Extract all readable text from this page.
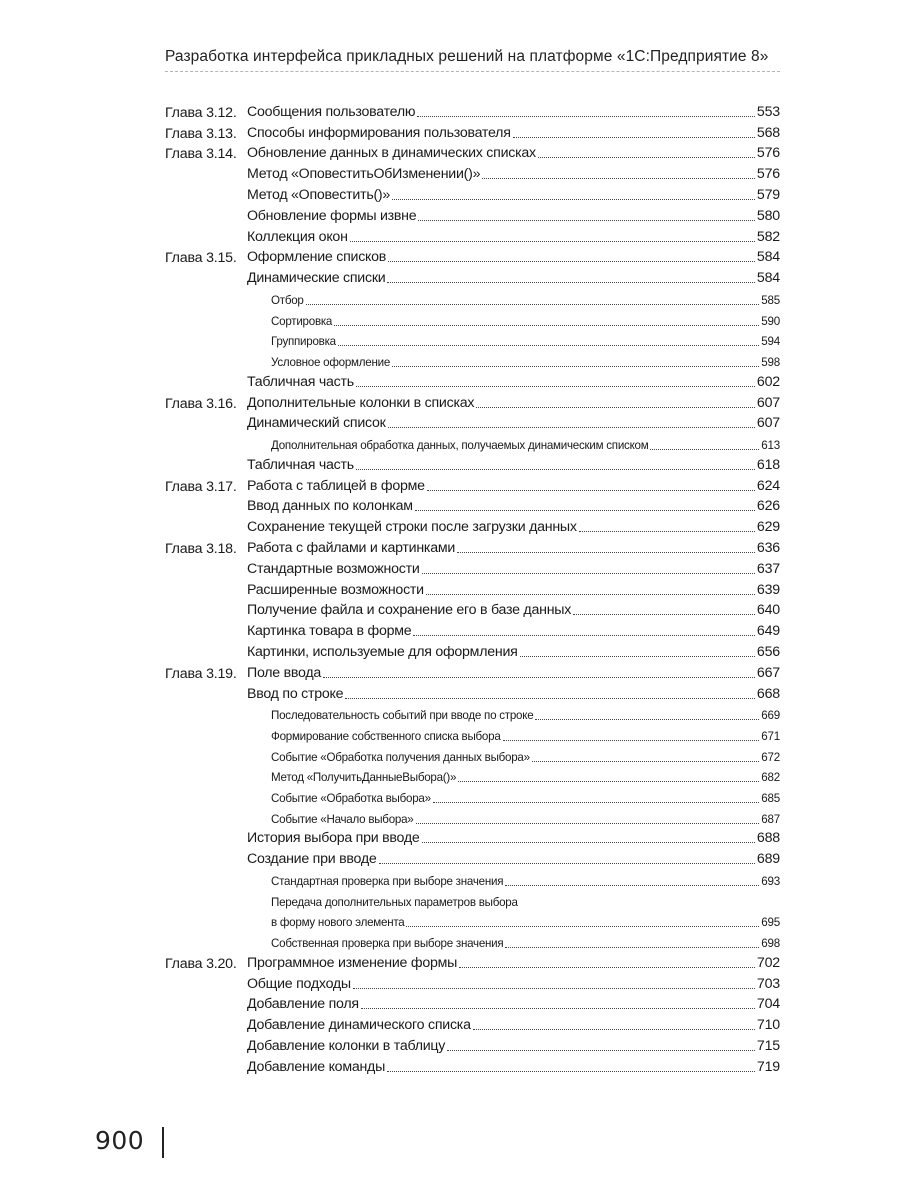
Разработка интерфейса прикладных решений на платформе «1С:Предприятие 8»
Глава 3.12. Сообщения пользователю	553
Глава 3.13. Способы информирования пользователя	568
Глава 3.14. Обновление данных в динамических списках	576
Метод «ОповеститьОбИзменении()»	576
Метод «Оповестить()»	579
Обновление формы извне	580
Коллекция окон	582
Глава 3.15. Оформление списков	584
Динамические списки	584
Отбор	585
Сортировка	590
Группировка	594
Условное оформление	598
Табличная часть	602
Глава 3.16. Дополнительные колонки в списках	607
Динамический список	607
Дополнительная обработка данных, получаемых динамическим списком	613
Табличная часть	618
Глава 3.17. Работа с таблицей в форме	624
Ввод данных по колонкам	626
Сохранение текущей строки после загрузки данных	629
Глава 3.18. Работа с файлами и картинками	636
Стандартные возможности	637
Расширенные возможности	639
Получение файла и сохранение его в базе данных	640
Картинка товара в форме	649
Картинки, используемые для оформления	656
Глава 3.19. Поле ввода	667
Ввод по строке	668
Последовательность событий при вводе по строке	669
Формирование собственного списка выбора	671
Событие «Обработка получения данных выбора»	672
Метод «ПолучитьДанныеВыбора()»	682
Событие «Обработка выбора»	685
Событие «Начало выбора»	687
История выбора при вводе	688
Создание при вводе	689
Стандартная проверка при выборе значения	693
Передача дополнительных параметров выбора
в форму нового элемента	695
Собственная проверка при выборе значения	698
Глава 3.20. Программное изменение формы	702
Общие подходы	703
Добавление поля	704
Добавление динамического списка	710
Добавление колонки в таблицу	715
Добавление команды	719
900
